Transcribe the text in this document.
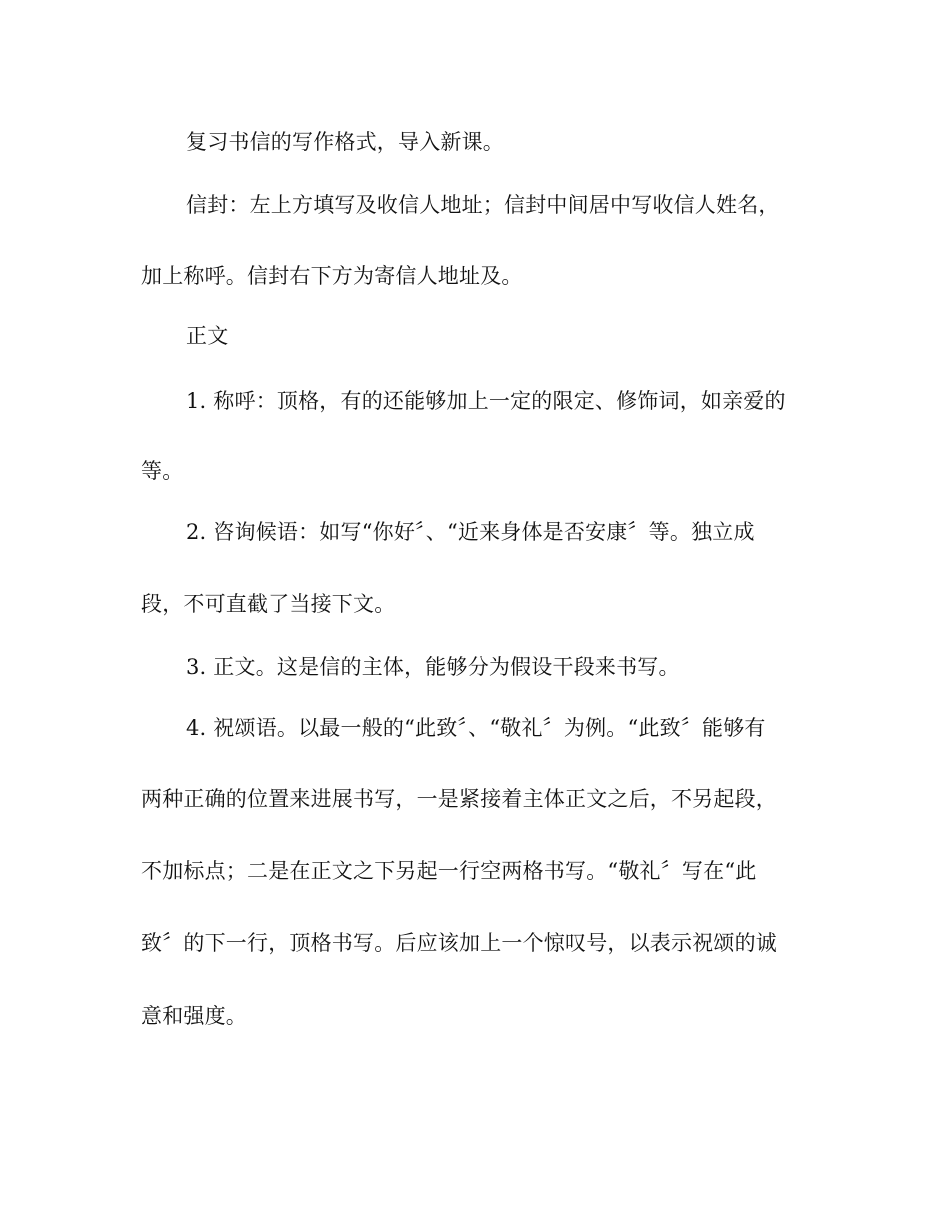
复习书信的写作格式，导入新课。
信封：左上方填写及收信人地址；信封中间居中写收信人姓名，
加上称呼。信封右下方为寄信人地址及。
正文
1. 称呼：顶格，有的还能够加上一定的限定、修饰词，如亲爱的
等。
2. 咨询候语：如写“你好〞、“近来身体是否安康〞等。独立成
段，不可直截了当接下文。
3. 正文。这是信的主体，能够分为假设干段来书写。
4. 祝颂语。以最一般的“此致〞、“敬礼〞为例。“此致〞能够有
两种正确的位置来进展书写，一是紧接着主体正文之后，不另起段，
不加标点；二是在正文之下另起一行空两格书写。“敬礼〞写在“此
致〞的下一行，顶格书写。后应该加上一个惊叹号，以表示祝颂的诚
意和强度。
